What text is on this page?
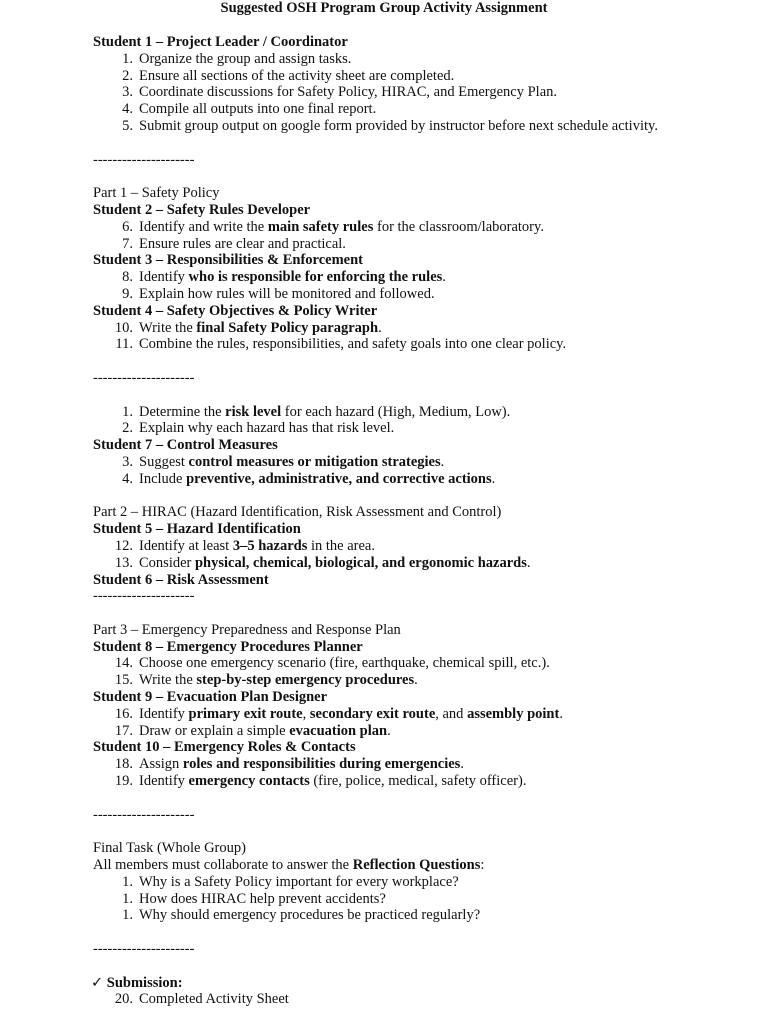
Suggested OSH Program Group Activity Assignment
Student 1 – Project Leader / Coordinator
1. Organize the group and assign tasks.
2. Ensure all sections of the activity sheet are completed.
3. Coordinate discussions for Safety Policy, HIRAC, and Emergency Plan.
4. Compile all outputs into one final report.
5. Submit group output on google form provided by instructor before next schedule activity.
---------------------
Part 1 – Safety Policy
Student 2 – Safety Rules Developer
6. Identify and write the main safety rules for the classroom/laboratory.
7. Ensure rules are clear and practical.
Student 3 – Responsibilities & Enforcement
8. Identify who is responsible for enforcing the rules.
9. Explain how rules will be monitored and followed.
Student 4 – Safety Objectives & Policy Writer
10. Write the final Safety Policy paragraph.
11. Combine the rules, responsibilities, and safety goals into one clear policy.
---------------------
1. Determine the risk level for each hazard (High, Medium, Low).
2. Explain why each hazard has that risk level.
Student 7 – Control Measures
3. Suggest control measures or mitigation strategies.
4. Include preventive, administrative, and corrective actions.
Part 2 – HIRAC (Hazard Identification, Risk Assessment and Control)
Student 5 – Hazard Identification
12. Identify at least 3–5 hazards in the area.
13. Consider physical, chemical, biological, and ergonomic hazards.
Student 6 – Risk Assessment
---------------------
Part 3 – Emergency Preparedness and Response Plan
Student 8 – Emergency Procedures Planner
14. Choose one emergency scenario (fire, earthquake, chemical spill, etc.).
15. Write the step-by-step emergency procedures.
Student 9 – Evacuation Plan Designer
16. Identify primary exit route, secondary exit route, and assembly point.
17. Draw or explain a simple evacuation plan.
Student 10 – Emergency Roles & Contacts
18. Assign roles and responsibilities during emergencies.
19. Identify emergency contacts (fire, police, medical, safety officer).
---------------------
Final Task (Whole Group)
All members must collaborate to answer the Reflection Questions:
1. Why is a Safety Policy important for every workplace?
1. How does HIRAC help prevent accidents?
1. Why should emergency procedures be practiced regularly?
---------------------
✓ Submission:
20. Completed Activity Sheet
